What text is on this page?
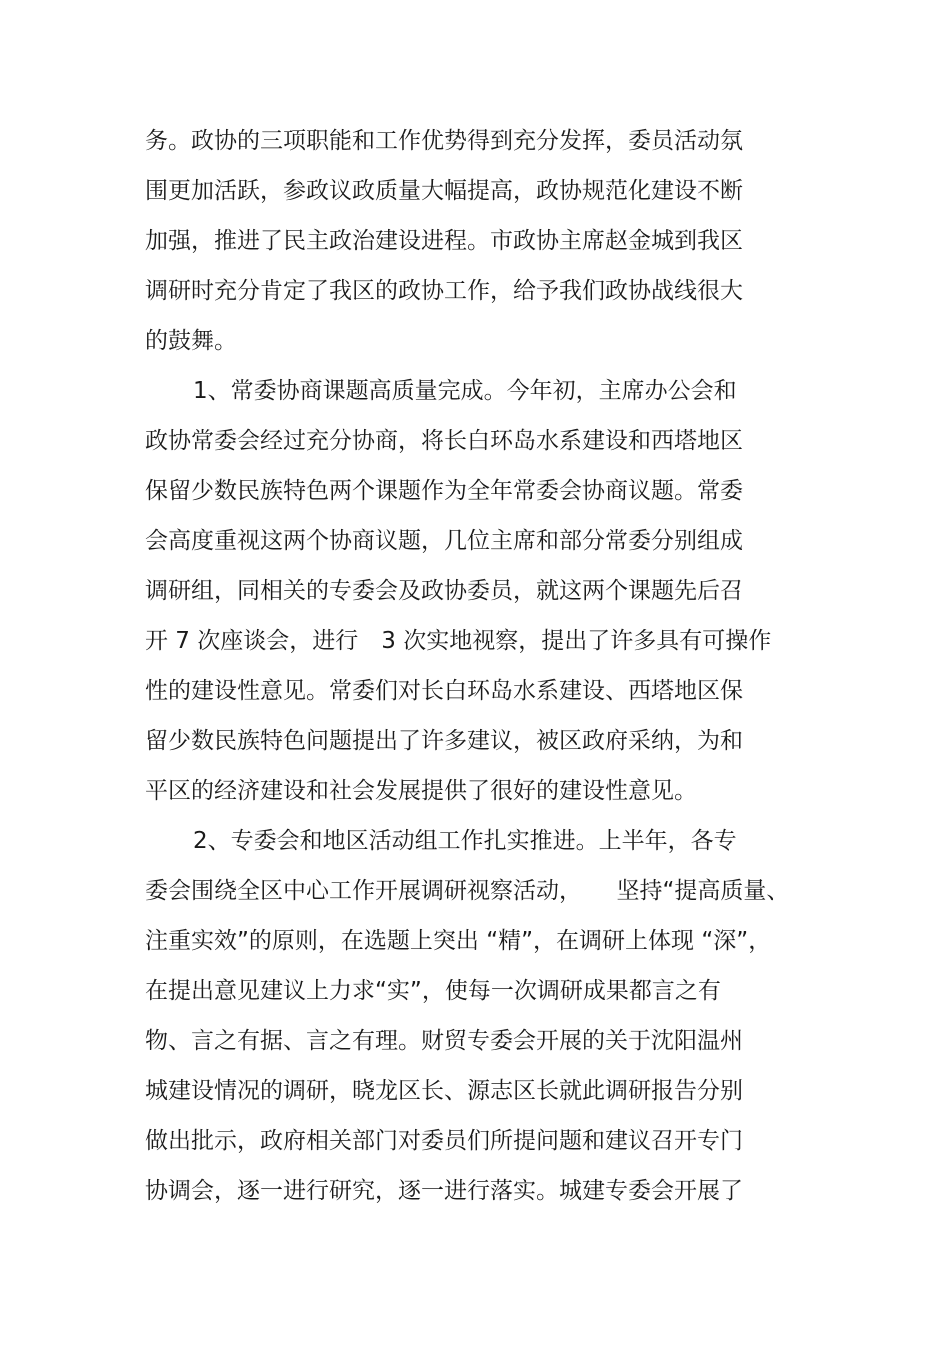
务。政协的三项职能和工作优势得到充分发挥，委员活动氛
围更加活跃，参政议政质量大幅提高，政协规范化建设不断
加强，推进了民主政治建设进程。市政协主席赵金城到我区
调研时充分肯定了我区的政协工作，给予我们政协战线很大
的鼓舞。
1、常委协商课题高质量完成。今年初，主席办公会和
政协常委会经过充分协商，将长白环岛水系建设和西塔地区
保留少数民族特色两个课题作为全年常委会协商议题。常委
会高度重视这两个协商议题，几位主席和部分常委分别组成
调研组，同相关的专委会及政协委员，就这两个课题先后召
开 7 次座谈会，进行　3 次实地视察，提出了许多具有可操作
性的建设性意见。常委们对长白环岛水系建设、西塔地区保
留少数民族特色问题提出了许多建议，被区政府采纳，为和
平区的经济建设和社会发展提供了很好的建设性意见。
2、专委会和地区活动组工作扎实推进。上半年，各专
委会围绕全区中心工作开展调研视察活动，　　坚持“提高质量、
注重实效”的原则，在选题上突出 “精”，在调研上体现 “深”，
在提出意见建议上力求“实”，使每一次调研成果都言之有
物、言之有据、言之有理。财贸专委会开展的关于沈阳温州
城建设情况的调研，晓龙区长、源志区长就此调研报告分别
做出批示，政府相关部门对委员们所提问题和建议召开专门
协调会，逐一进行研究，逐一进行落实。城建专委会开展了
